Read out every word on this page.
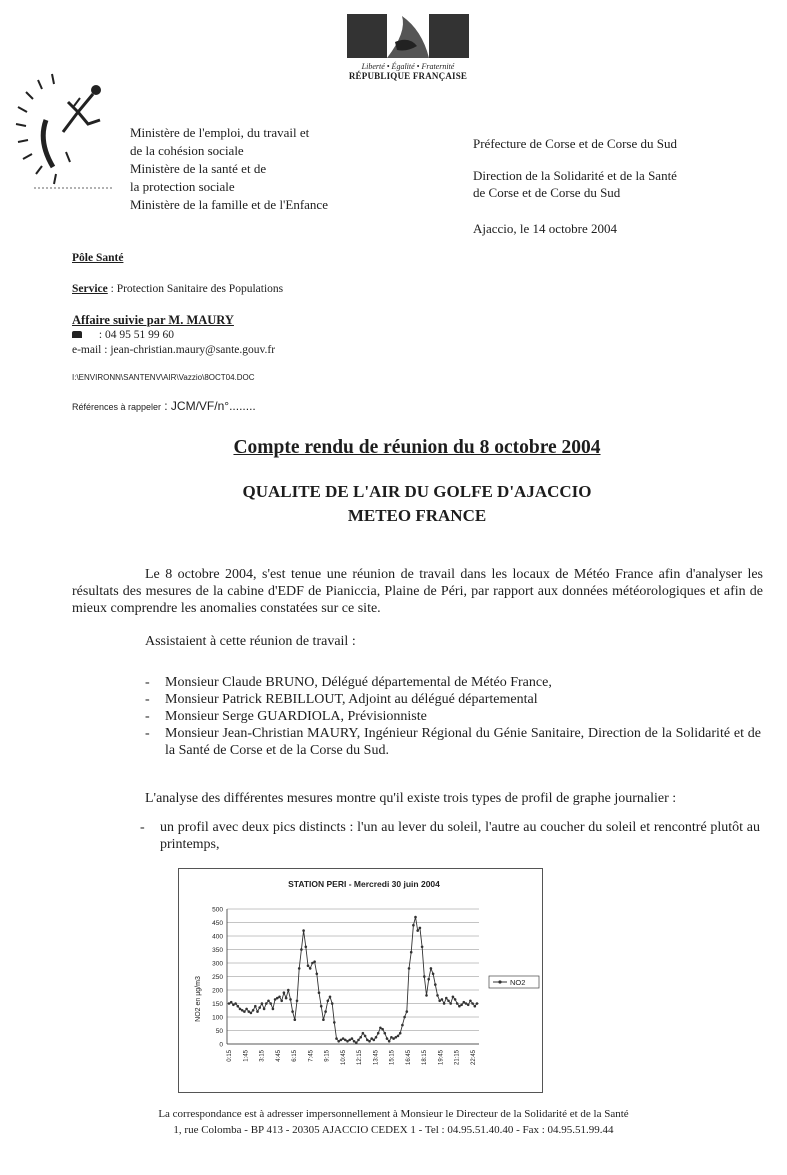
Liberté • Égalité • Fraternité
RÉPUBLIQUE FRANÇAISE
Ministère de l'emploi, du travail et
de la cohésion sociale
Ministère de la santé et de
la protection sociale
Ministère de la famille et de l'Enfance
Préfecture de Corse et de Corse du Sud
Direction de la Solidarité et de la Santé
de Corse et de Corse du Sud
Ajaccio, le 14 octobre 2004
Pôle Santé
Service : Protection Sanitaire des Populations
Affaire suivie par M. MAURY
: 04 95 51 99 60
e-mail : jean-christian.maury@sante.gouv.fr
I:\ENVIRONN\SANTENV\AIR\Vazzio\8OCT04.DOC
Références à rappeler : JCM/VF/n°........
Compte rendu de réunion du 8 octobre 2004
QUALITE DE L'AIR DU GOLFE D'AJACCIO
METEO FRANCE
Le 8 octobre 2004, s'est tenue une réunion de travail dans les locaux de Météo France afin d'analyser les résultats des mesures de la cabine d'EDF de Pianiccia, Plaine de Péri, par rapport aux données météorologiques et afin de mieux comprendre les anomalies constatées sur ce site.
Assistaient à cette réunion de travail :
- Monsieur Claude BRUNO, Délégué départemental de Météo France,
- Monsieur Patrick REBILLOUT, Adjoint au délégué départemental
- Monsieur Serge GUARDIOLA, Prévisionniste
- Monsieur Jean-Christian MAURY, Ingénieur Régional du Génie Sanitaire, Direction de la Solidarité et de la Santé de Corse et de la Corse du Sud.
L'analyse des différentes mesures montre qu'il existe trois types de profil de graphe journalier :
- un profil avec deux pics distincts : l'un au lever du soleil, l'autre au coucher du soleil et rencontré plutôt au printemps,
STATION PERI - Mercredi 30 juin 2004
NO2 en µg/m3
0
50
100
150
200
250
300
350
400
450
500
0:15 1:45 3:15 4:45 6:15 7:45 9:15 10:45 12:15 13:45 15:15 16:45 18:15 19:45 21:15 22:45
NO2
La correspondance est à adresser impersonnellement à Monsieur le Directeur de la Solidarité et de la Santé
1, rue Colomba - BP 413 - 20305 AJACCIO CEDEX 1 - Tel : 04.95.51.40.40 - Fax : 04.95.51.99.44
